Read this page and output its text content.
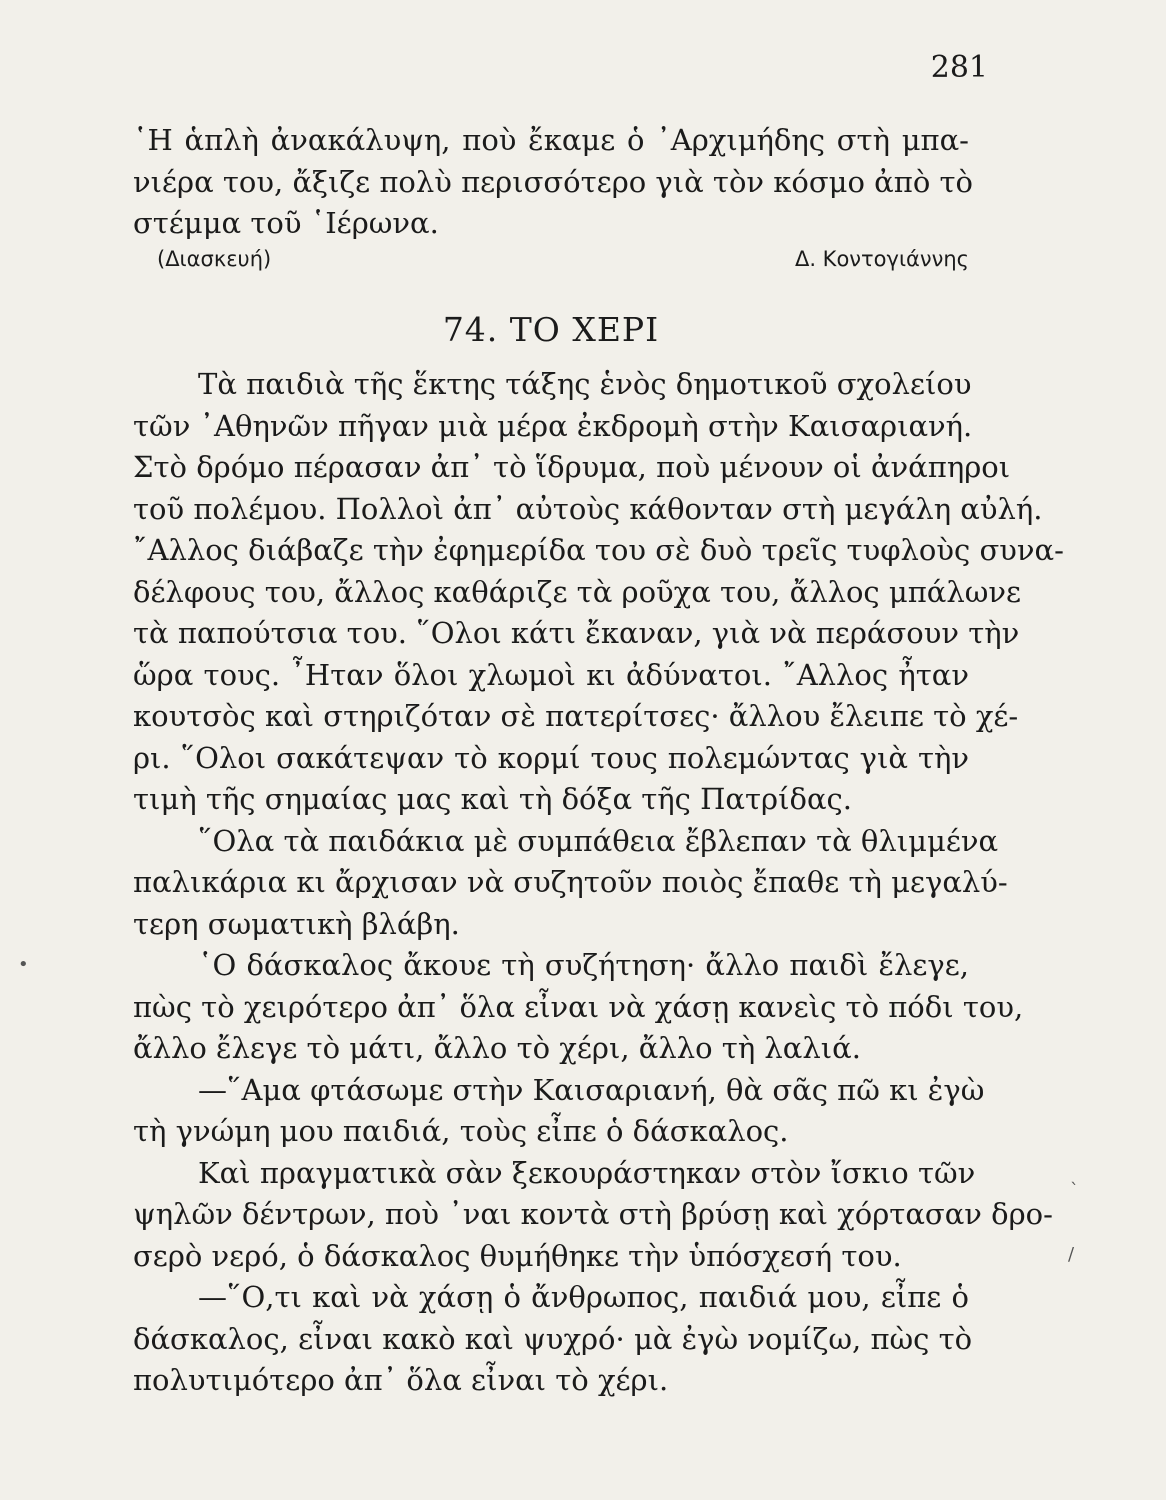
281

῾Η ἁπλὴ ἀνακάλυψη, ποὺ ἔκαμε ὁ ᾿Αρχιμήδης στὴ μπα-
νιέρα του, ἄξιζε πολὺ περισσότερο γιὰ τὸν κόσμο ἀπὸ τὸ
στέμμα τοῦ ῾Ιέρωνα.

(Διασκευή)	Δ. Κοντογιάννης
74. ΤΟ ΧΕΡΙ

Τὰ παιδιὰ τῆς ἕκτης τάξης ἑνὸς δημοτικοῦ σχολείου
τῶν ᾿Αθηνῶν πῆγαν μιὰ μέρα ἐκδρομὴ στὴν Καισαριανή.
Στὸ δρόμο πέρασαν ἀπ᾿ τὸ ἵδρυμα, ποὺ μένουν οἱ ἀνάπηροι
τοῦ πολέμου. Πολλοὶ ἀπ᾿ αὐτοὺς κάθονταν στὴ μεγάλη αὐλή.
῎Αλλος διάβαζε τὴν ἐφημερίδα του σὲ δυὸ τρεῖς τυφλοὺς συνα-
δέλφους του, ἄλλος καθάριζε τὰ ροῦχα του, ἄλλος μπάλωνε
τὰ παπούτσια του. ῞Ολοι κάτι ἔκαναν, γιὰ νὰ περάσουν τὴν
ὥρα τους. ῏Ηταν ὅλοι χλωμοὶ κι ἀδύνατοι. ῎Αλλος ἦταν
κουτσὸς καὶ στηριζόταν σὲ πατερίτσες· ἄλλου ἔλειπε τὸ χέ-
ρι. ῞Ολοι σακάτεψαν τὸ κορμί τους πολεμώντας γιὰ τὴν
τιμὴ τῆς σημαίας μας καὶ τὴ δόξα τῆς Πατρίδας.

῞Ολα τὰ παιδάκια μὲ συμπάθεια ἔβλεπαν τὰ θλιμμένα
παλικάρια κι ἄρχισαν νὰ συζητοῦν ποιὸς ἔπαθε τὴ μεγαλύ-
τερη σωματικὴ βλάβη.

῾Ο δάσκαλος ἄκουε τὴ συζήτηση· ἄλλο παιδὶ ἔλεγε,
πὼς τὸ χειρότερο ἀπ᾿ ὅλα εἶναι νὰ χάσῃ κανεὶς τὸ πόδι του,
ἄλλο ἔλεγε τὸ μάτι, ἄλλο τὸ χέρι, ἄλλο τὴ λαλιά.

—῞Αμα φτάσωμε στὴν Καισαριανή, θὰ σᾶς πῶ κι ἐγὼ
τὴ γνώμη μου παιδιά, τοὺς εἶπε ὁ δάσκαλος.

Καὶ πραγματικὰ σὰν ξεκουράστηκαν στὸν ἴσκιο τῶν
ψηλῶν δέντρων, ποὺ ᾿ναι κοντὰ στὴ βρύσῃ καὶ χόρτασαν δρο-
σερὸ νερό, ὁ δάσκαλος θυμήθηκε τὴν ὑπόσχεσή του.

—῞Ο,τι καὶ νὰ χάσῃ ὁ ἄνθρωπος, παιδιά μου, εἶπε ὁ
δάσκαλος, εἶναι κακὸ καὶ ψυχρό· μὰ ἐγὼ νομίζω, πὼς τὸ
πολυτιμότερο ἀπ᾿ ὅλα εἶναι τὸ χέρι.

•
ˋ
/
